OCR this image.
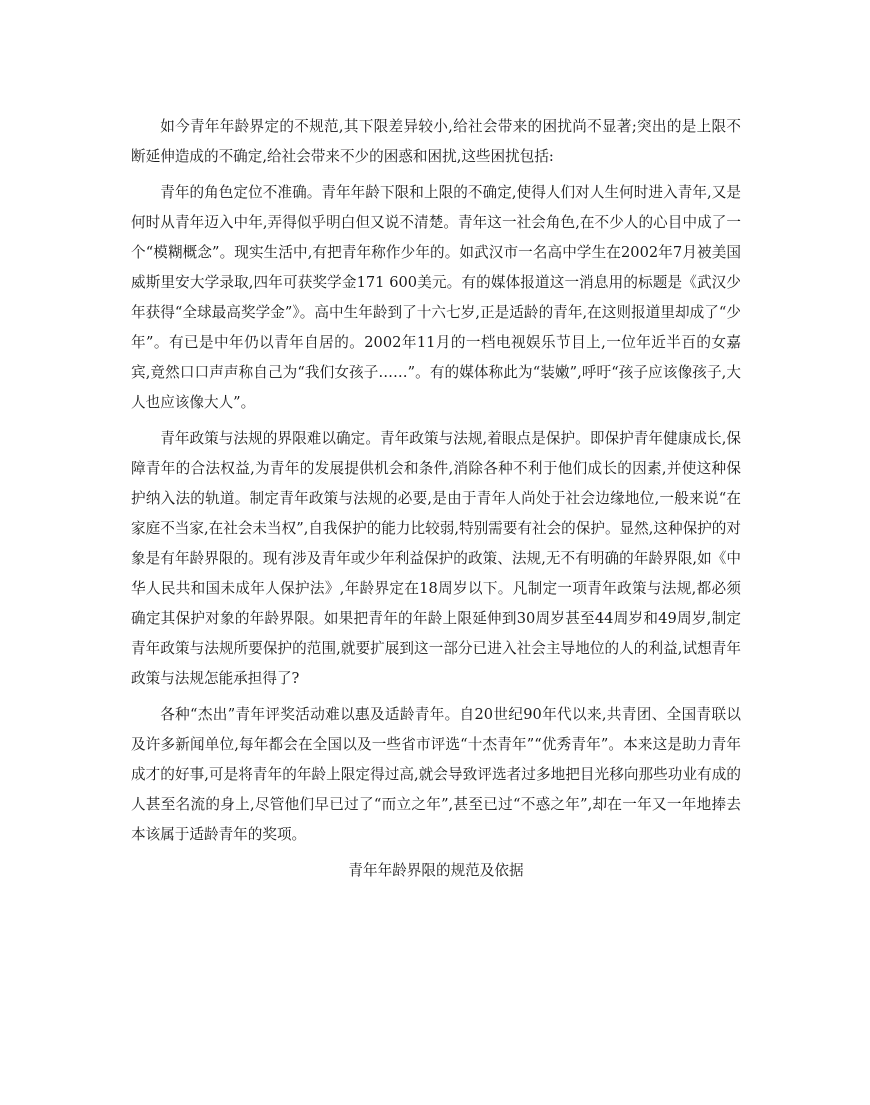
如今青年年龄界定的不规范,其下限差异较小,给社会带来的困扰尚不显著;突出的是上限不断延伸造成的不确定,给社会带来不少的困惑和困扰,这些困扰包括:

青年的角色定位不准确。青年年龄下限和上限的不确定,使得人们对人生何时进入青年,又是何时从青年迈入中年,弄得似乎明白但又说不清楚。青年这一社会角色,在不少人的心目中成了一个“模糊概念”。现实生活中,有把青年称作少年的。如武汉市一名高中学生在2002年7月被美国威斯里安大学录取,四年可获奖学金171 600美元。有的媒体报道这一消息用的标题是《武汉少年获得“全球最高奖学金”》。高中生年龄到了十六七岁,正是适龄的青年,在这则报道里却成了“少年”。有已是中年仍以青年自居的。2002年11月的一档电视娱乐节目上,一位年近半百的女嘉宾,竟然口口声声称自己为“我们女孩子……”。有的媒体称此为“装嫩”,呼吁“孩子应该像孩子,大人也应该像大人”。

青年政策与法规的界限难以确定。青年政策与法规,着眼点是保护。即保护青年健康成长,保障青年的合法权益,为青年的发展提供机会和条件,消除各种不利于他们成长的因素,并使这种保护纳入法的轨道。制定青年政策与法规的必要,是由于青年人尚处于社会边缘地位,一般来说“在家庭不当家,在社会未当权”,自我保护的能力比较弱,特别需要有社会的保护。显然,这种保护的对象是有年龄界限的。现有涉及青年或少年利益保护的政策、法规,无不有明确的年龄界限,如《中华人民共和国未成年人保护法》,年龄界定在18周岁以下。凡制定一项青年政策与法规,都必须确定其保护对象的年龄界限。如果把青年的年龄上限延伸到30周岁甚至44周岁和49周岁,制定青年政策与法规所要保护的范围,就要扩展到这一部分已进入社会主导地位的人的利益,试想青年政策与法规怎能承担得了?

各种“杰出”青年评奖活动难以惠及适龄青年。自20世纪90年代以来,共青团、全国青联以及许多新闻单位,每年都会在全国以及一些省市评选“十杰青年”“优秀青年”。本来这是助力青年成才的好事,可是将青年的年龄上限定得过高,就会导致评选者过多地把目光移向那些功业有成的人甚至名流的身上,尽管他们早已过了“而立之年”,甚至已过“不惑之年”,却在一年又一年地捧去本该属于适龄青年的奖项。

青年年龄界限的规范及依据
